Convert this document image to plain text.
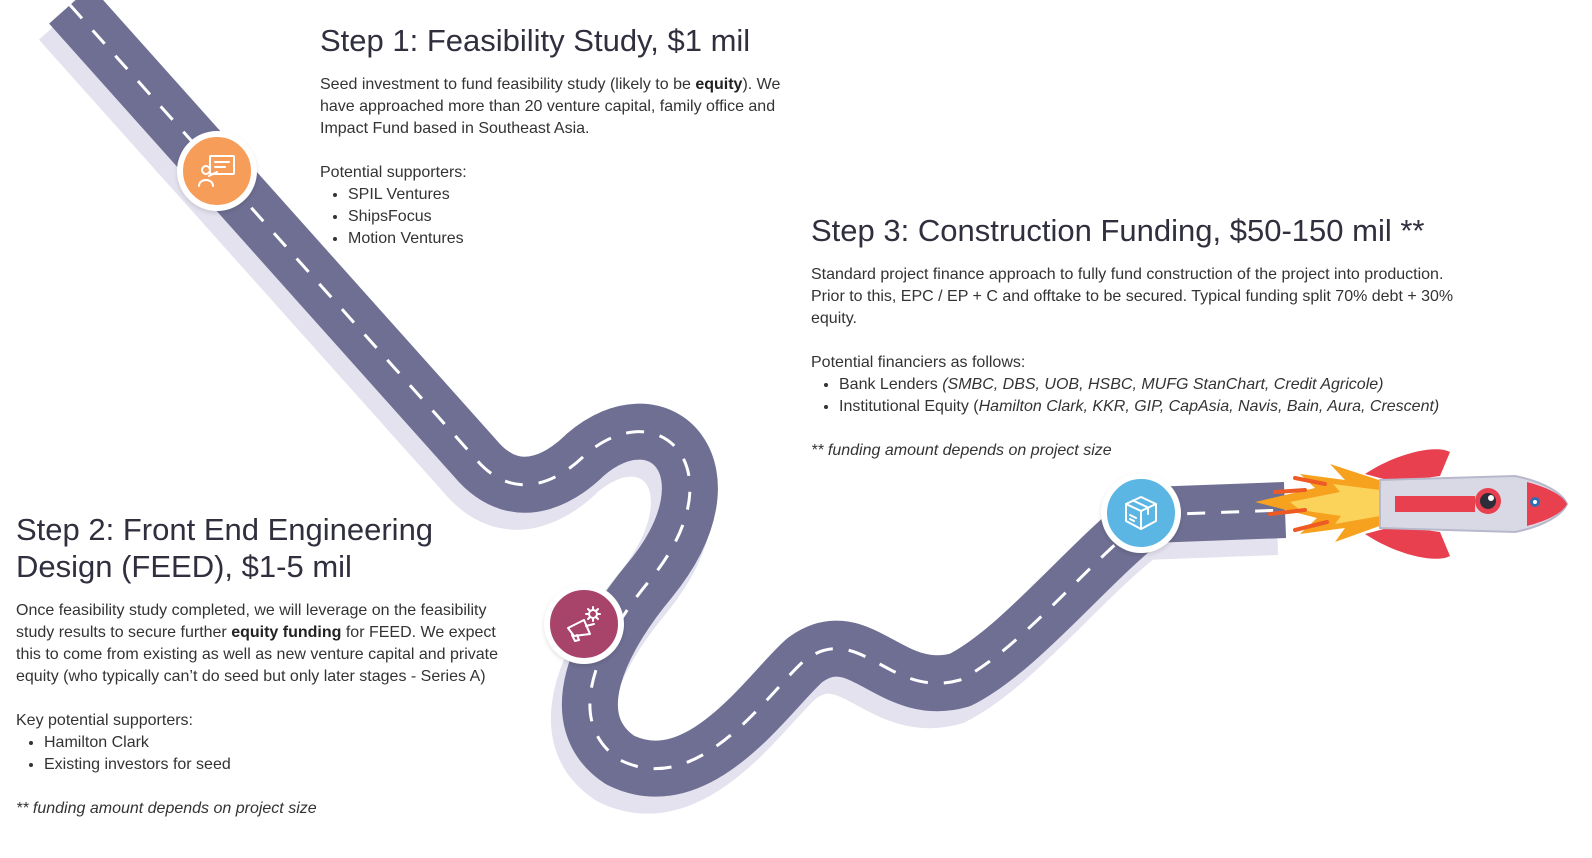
Step 1: Feasibility Study, $1 mil

Seed investment to fund feasibility study (likely to be equity). We have approached more than 20 venture capital, family office and Impact Fund based in Southeast Asia.

Potential supporters:

• SPIL Ventures
• ShipsFocus
• Motion Ventures
Step 2: Front End Engineering
Design (FEED), $1-5 mil

Once feasibility study completed, we will leverage on the feasibility study results to secure further equity funding for FEED. We expect this to come from existing as well as new venture capital and private equity (who typically can’t do seed but only later stages - Series A)

Key potential supporters:

• Hamilton Clark
• Existing investors for seed

** funding amount depends on project size

Step 3: Construction Funding, $50-150 mil **

Standard project finance approach to fully fund construction of the project into production. Prior to this, EPC / EP + C and offtake to be secured. Typical funding split 70% debt + 30% equity.

Potential financiers as follows:

• Bank Lenders (SMBC, DBS, UOB, HSBC, MUFG StanChart, Credit Agricole)
• Institutional Equity (Hamilton Clark, KKR, GIP, CapAsia, Navis, Bain, Aura, Crescent)

** funding amount depends on project size
